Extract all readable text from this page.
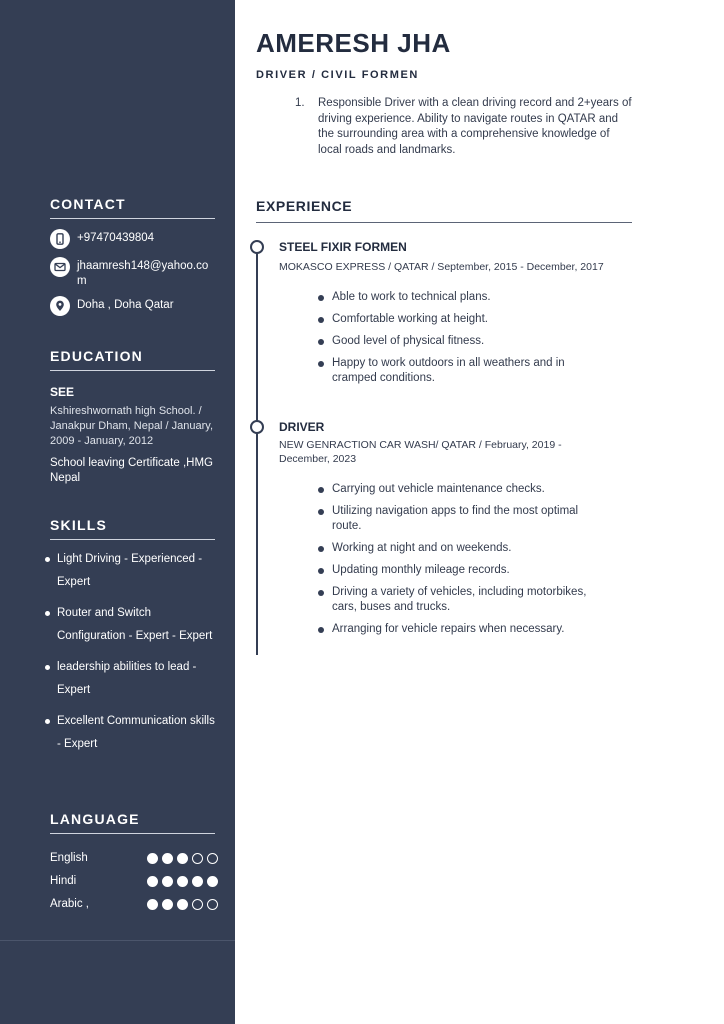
CONTACT
+97470439804
jhaamresh148@yahoo.com
Doha , Doha Qatar
EDUCATION
SEE
Kshireshwornath high School. / Janakpur Dham, Nepal / January, 2009 - January, 2012
School leaving Certificate ,HMG Nepal
SKILLS
Light Driving - Experienced - Expert
Router and Switch Configuration - Expert - Expert
leadership abilities to lead - Expert
Excellent Communication skills - Expert
LANGUAGE
English
Hindi
Arabic ,
AMERESH JHA
DRIVER / CIVIL FORMEN
1.	Responsible Driver with a clean driving record and 2+years of driving experience. Ability to navigate routes in QATAR and the surrounding area with a comprehensive knowledge of local roads and landmarks.
EXPERIENCE
STEEL FIXIR FORMEN
MOKASCO EXPRESS / QATAR / September, 2015 - December, 2017
Able to work to technical plans.
Comfortable working at height.
Good level of physical fitness.
Happy to work outdoors in all weathers and in cramped conditions.
DRIVER
NEW GENRACTION CAR WASH/ QATAR / February, 2019 - December, 2023
Carrying out vehicle maintenance checks.
Utilizing navigation apps to find the most optimal route.
Working at night and on weekends.
Updating monthly mileage records.
Driving a variety of vehicles, including motorbikes, cars, buses and trucks.
Arranging for vehicle repairs when necessary.
